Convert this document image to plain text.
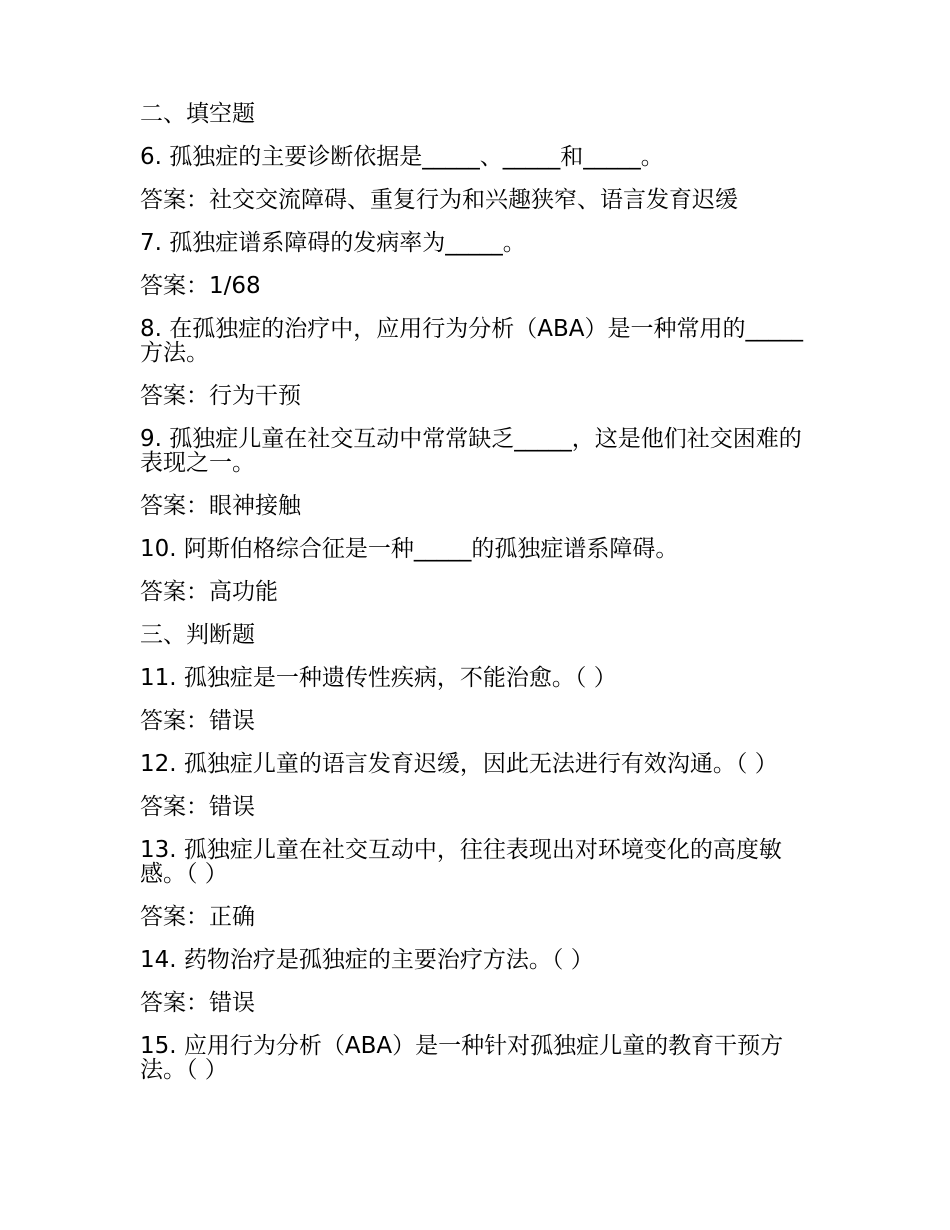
二、填空题
6. 孤独症的主要诊断依据是_____、_____和_____。
答案：社交交流障碍、重复行为和兴趣狭窄、语言发育迟缓
7. 孤独症谱系障碍的发病率为_____。
答案：1/68
8. 在孤独症的治疗中，应用行为分析（ABA）是一种常用的_____方法。
答案：行为干预
9. 孤独症儿童在社交互动中常常缺乏_____，这是他们社交困难的表现之一。
答案：眼神接触
10. 阿斯伯格综合征是一种_____的孤独症谱系障碍。
答案：高功能
三、判断题
11. 孤独症是一种遗传性疾病，不能治愈。（ ）
答案：错误
12. 孤独症儿童的语言发育迟缓，因此无法进行有效沟通。（ ）
答案：错误
13. 孤独症儿童在社交互动中，往往表现出对环境变化的高度敏感。（ ）
答案：正确
14. 药物治疗是孤独症的主要治疗方法。（ ）
答案：错误
15. 应用行为分析（ABA）是一种针对孤独症儿童的教育干预方法。（ ）
